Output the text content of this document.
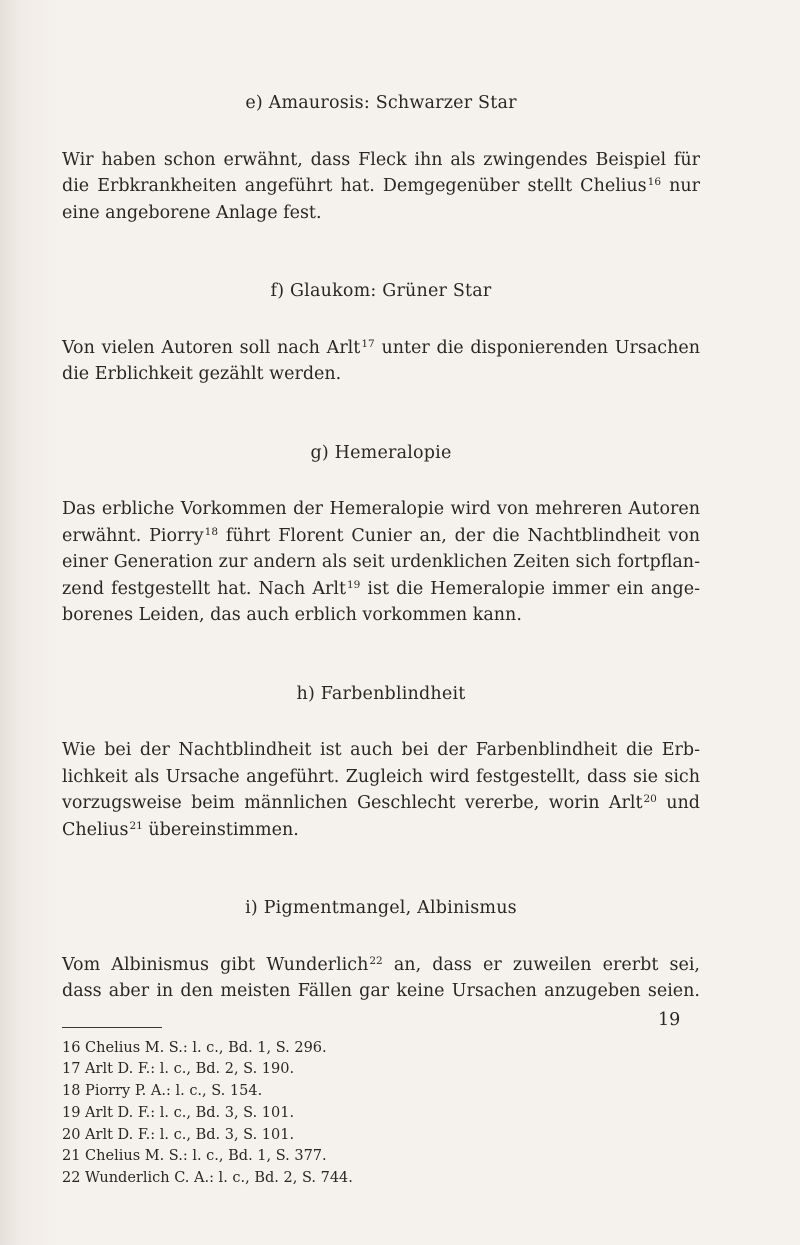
e) Amaurosis: Schwarzer Star
Wir haben schon erwähnt, dass Fleck ihn als zwingendes Beispiel für
die Erbkrankheiten angeführt hat. Demgegenüber stellt Chelius$^{16}$ nur
eine angeborene Anlage fest.
f) Glaukom: Grüner Star
Von vielen Autoren soll nach Arlt$^{17}$ unter die disponierenden Ursachen
die Erblichkeit gezählt werden.
g) Hemeralopie
Das erbliche Vorkommen der Hemeralopie wird von mehreren Autoren
erwähnt. Piorry$^{18}$ führt Florent Cunier an, der die Nachtblindheit von
einer Generation zur andern als seit urdenklichen Zeiten sich fortpflan-
zend festgestellt hat. Nach Arlt$^{19}$ ist die Hemeralopie immer ein ange-
borenes Leiden, das auch erblich vorkommen kann.
h) Farbenblindheit
Wie bei der Nachtblindheit ist auch bei der Farbenblindheit die Erb-
lichkeit als Ursache angeführt. Zugleich wird festgestellt, dass sie sich
vorzugsweise beim männlichen Geschlecht vererbe, worin Arlt$^{20}$ und
Chelius$^{21}$ übereinstimmen.
i) Pigmentmangel, Albinismus
Vom Albinismus gibt Wunderlich$^{22}$ an, dass er zuweilen ererbt sei,
dass aber in den meisten Fällen gar keine Ursachen anzugeben seien.
16 Chelius M. S.: l. c., Bd. 1, S. 296.
17 Arlt D. F.: l. c., Bd. 2, S. 190.
18 Piorry P. A.: l. c., S. 154.
19 Arlt D. F.: l. c., Bd. 3, S. 101.
20 Arlt D. F.: l. c., Bd. 3, S. 101.
21 Chelius M. S.: l. c., Bd. 1, S. 377.
22 Wunderlich C. A.: l. c., Bd. 2, S. 744.
19
